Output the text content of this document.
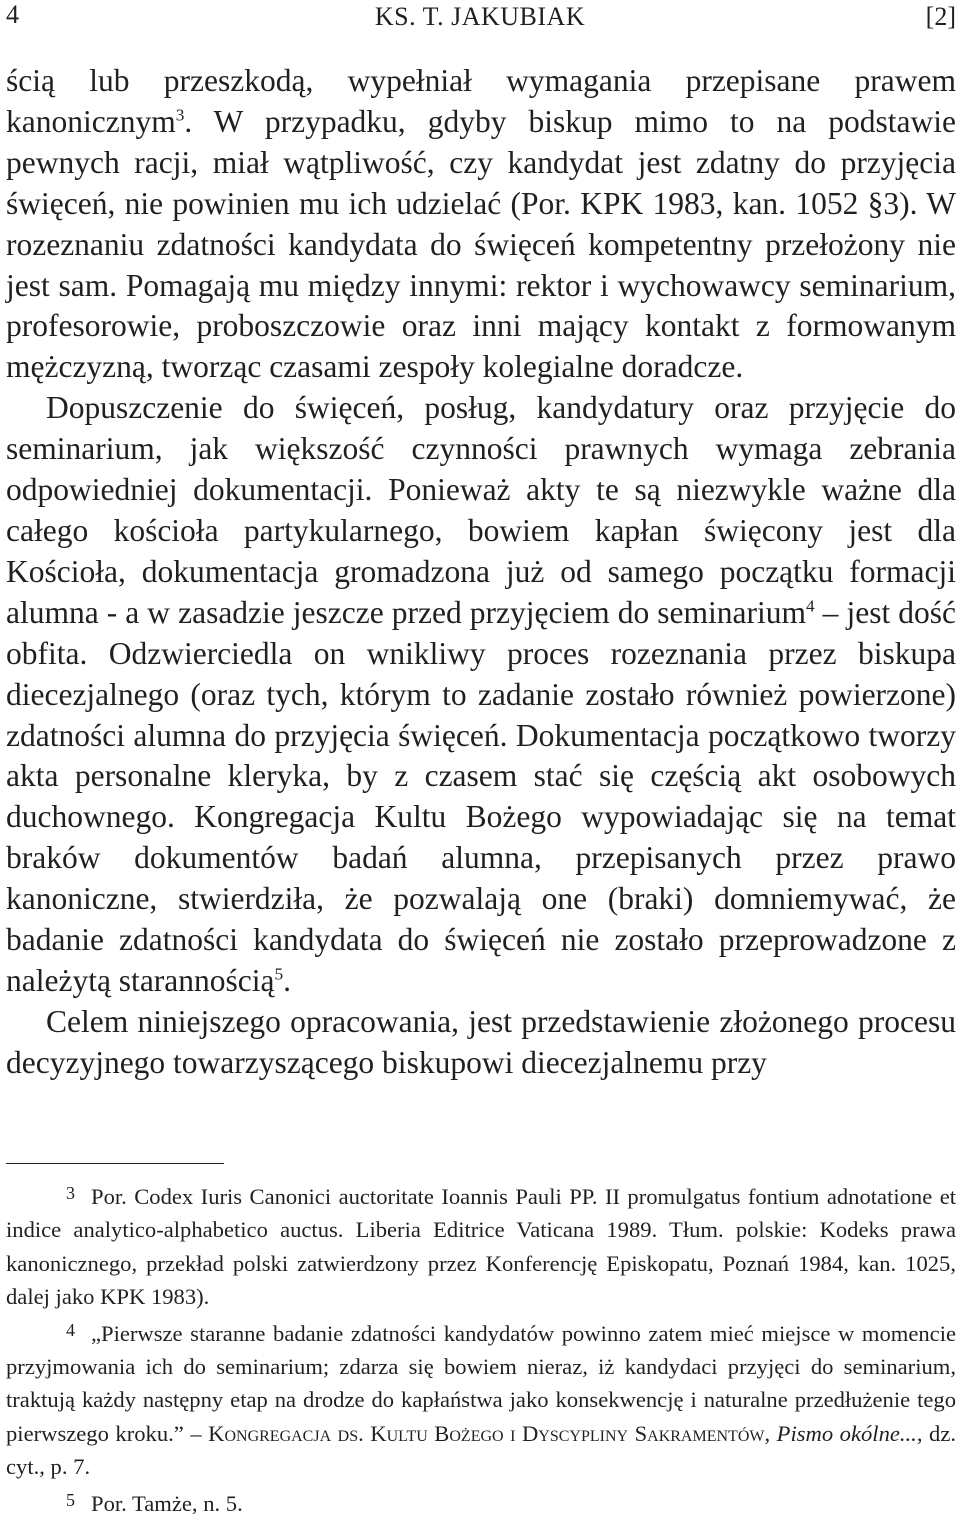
4	KS. T. JAKUBIAK	[2]

ścią lub przeszkodą, wypełniał wymagania przepisane prawem kanonicznym$^3$. W przypadku, gdyby biskup mimo to na podstawie pewnych racji, miał wątpliwość, czy kandydat jest zdatny do przyjęcia święceń, nie powinien mu ich udzielać (Por. KPK 1983, kan. 1052 §3). W rozeznaniu zdatności kandydata do święceń kompetentny przełożony nie jest sam. Pomagają mu między innymi: rektor i wychowawcy seminarium, profesorowie, proboszczowie oraz inni mający kontakt z formowanym mężczyzną, tworząc czasami zespoły kolegialne doradcze.

Dopuszczenie do święceń, posług, kandydatury oraz przyjęcie do seminarium, jak większość czynności prawnych wymaga zebrania odpowiedniej dokumentacji. Ponieważ akty te są niezwykle ważne dla całego kościoła partykularnego, bowiem kapłan święcony jest dla Kościoła, dokumentacja gromadzona już od samego początku formacji alumna - a w zasadzie jeszcze przed przyjęciem do seminarium$^4$ – jest dość obfita. Odzwierciedla on wnikliwy proces rozeznania przez biskupa diecezjalnego (oraz tych, którym to zadanie zostało również powierzone) zdatności alumna do przyjęcia święceń. Dokumentacja początkowo tworzy akta personalne kleryka, by z czasem stać się częścią akt osobowych duchownego. Kongregacja Kultu Bożego wypowiadając się na temat braków dokumentów badań alumna, przepisanych przez prawo kanoniczne, stwierdziła, że pozwalają one (braki) domniemywać, że badanie zdatności kandydata do święceń nie zostało przeprowadzone z należytą starannością$^5$.

Celem niniejszego opracowania, jest przedstawienie złożonego procesu decyzyjnego towarzyszącego biskupowi diecezjalnemu przy

3 Por. Codex Iuris Canonici auctoritate Ioannis Pauli PP. II promulgatus fontium adnotatione et indice analytico-alphabetico auctus. Liberia Editrice Vaticana 1989. Tłum. polskie: Kodeks prawa kanonicznego, przekład polski zatwierdzony przez Konferencję Episkopatu, Poznań 1984, kan. 1025, dalej jako KPK 1983).

4 „Pierwsze staranne badanie zdatności kandydatów powinno zatem mieć miejsce w momencie przyjmowania ich do seminarium; zdarza się bowiem nieraz, iż kandydaci przyjęci do seminarium, traktują każdy następny etap na drodze do kapłaństwa jako konsekwencję i naturalne przedłużenie tego pierwszego kroku.” – Kongregacja ds. Kultu Bożego i Dyscypliny Sakramentów, Pismo okólne..., dz. cyt., p. 7.

5 Por. Tamże, n. 5.
